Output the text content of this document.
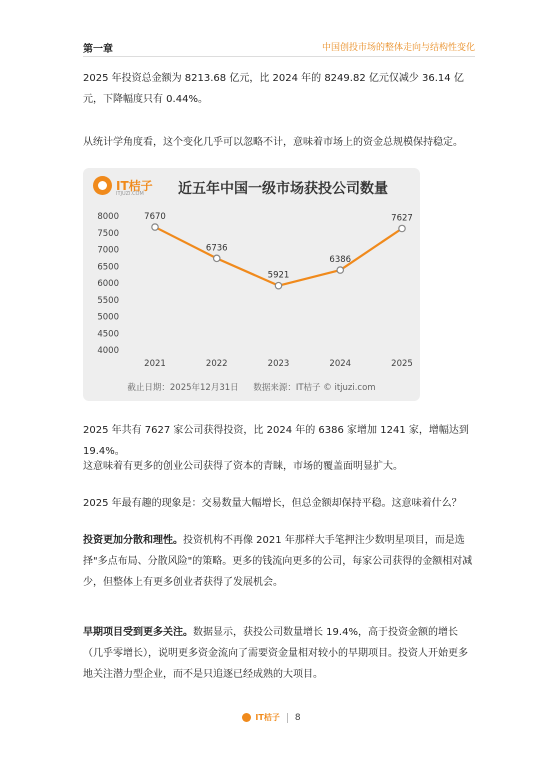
第一章	中国创投市场的整体走向与结构性变化
2025 年投资总金额为 8213.68 亿元，比 2024 年的 8249.82 亿元仅减少 36.14 亿元，下降幅度只有 0.44%。
从统计学角度看，这个变化几乎可以忽略不计，意味着市场上的资金总规模保持稳定。
IT桔子
ITJUZI.COM	近五年中国一级市场获投公司数量
8000
7500
7000
6500
6000
5500
5000
4500
4000
2021	2022	2023	2024	2025
7670
6736
5921
6386
7627
截止日期：2025年12月31日 数据来源：IT桔子 © itjuzi.com
2025 年共有 7627 家公司获得投资，比 2024 年的 6386 家增加 1241 家，增幅达到 19.4%。
这意味着有更多的创业公司获得了资本的青睐，市场的覆盖面明显扩大。
2025 年最有趣的现象是：交易数量大幅增长，但总金额却保持平稳。这意味着什么？
投资更加分散和理性。投资机构不再像 2021 年那样大手笔押注少数明星项目，而是选择"多点布局、分散风险"的策略。更多的钱流向更多的公司，每家公司获得的金额相对减少，但整体上有更多创业者获得了发展机会。
早期项目受到更多关注。数据显示，获投公司数量增长 19.4%，高于投资金额的增长（几乎零增长），说明更多资金流向了需要资金量相对较小的早期项目。投资人开始更多地关注潜力型企业，而不是只追逐已经成熟的大项目。
IT桔子 8
